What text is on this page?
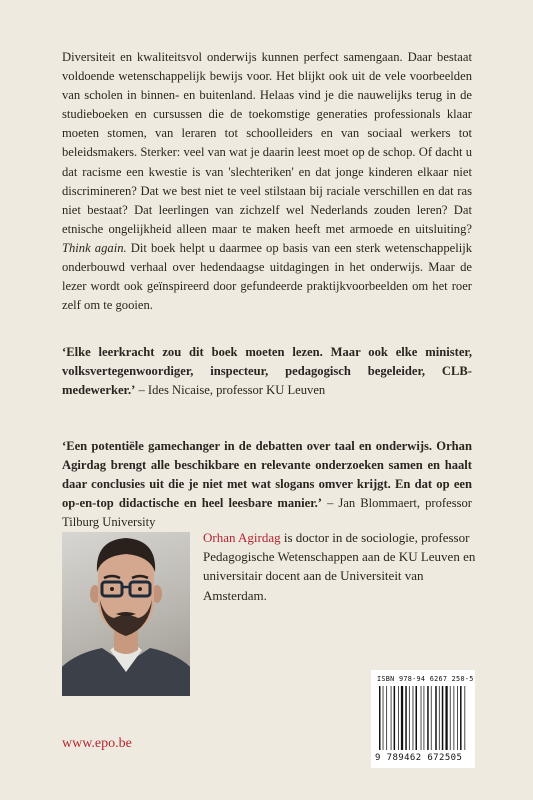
Diversiteit en kwaliteitsvol onderwijs kunnen perfect samengaan. Daar bestaat voldoende wetenschappelijk bewijs voor. Het blijkt ook uit de vele voorbeelden van scholen in binnen- en buitenland. Helaas vind je die nauwelijks terug in de studieboeken en cursussen die de toekomstige generaties professionals klaar moeten stomen, van leraren tot schoolleiders en van sociaal werkers tot beleidsmakers. Sterker: veel van wat je daarin leest moet op de schop. Of dacht u dat racisme een kwestie is van 'slechteriken' en dat jonge kinderen elkaar niet discrimineren? Dat we best niet te veel stilstaan bij raciale verschillen en dat ras niet bestaat? Dat leerlingen van zichzelf wel Nederlands zouden leren? Dat etnische ongelijkheid alleen maar te maken heeft met armoede en uitsluiting? Think again. Dit boek helpt u daarmee op basis van een sterk wetenschappelijk onderbouwd verhaal over hedendaagse uitdagingen in het onderwijs. Maar de lezer wordt ook geïnspireerd door gefundeerde praktijkvoorbeelden om het roer zelf om te gooien.

‘Elke leerkracht zou dit boek moeten lezen. Maar ook elke minister, volksvertegenwoordiger, inspecteur, pedagogisch begeleider, CLB-medewerker.’ – Ides Nicaise, professor KU Leuven

‘Een potentiële gamechanger in de debatten over taal en onderwijs. Orhan Agirdag brengt alle beschikbare en relevante onderzoeken samen en haalt daar conclusies uit die je niet met wat slogans omver krijgt. En dat op een op-en-top didactische en heel leesbare manier.’ – Jan Blommaert, professor Tilburg University

Orhan Agirdag is doctor in de sociologie, professor Pedagogische Wetenschappen aan de KU Leuven en universitair docent aan de Universiteit van Amsterdam.

www.epo.be
ISBN 978-94 6267 250-5
9 789462 672505
